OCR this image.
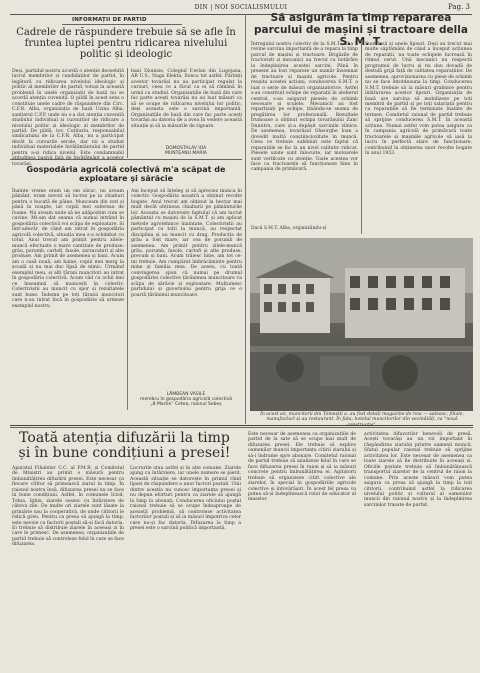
DIN | NOI SOCIALISMULUI	Pag. 3
INFORMAȚII DE PARTID
Cadrele de răspundere trebuie să se afle în fruntea luptei pentru ridicarea nivelului politic și ideologic
Deși, partidul nostru acordă o atenție deosebită lucrul membrilor și candidaților de partid, în legătură cu ridicarea nivelului ideologic și politic al membrilor de partid, totuși la această problemă în unele organizații de bază nu se acordă atenția cuvenită. O pildă în acest sens o constituie unele cadre de răspundere din Circ. C.F.R. Alba, organizația de bază Uzina Alba, șantierul C.P.P. unde nu s-a dat atenția cuvenită studiului individual și cursurilor de ridicare a nivelului politic și ideologic al membrilor de partid. De pildă, tov. Cuțitariu, responsabilul sindicatului de la C.F.R. Alba, nu a participat decât la cursurile serale, dar nu a studiat individual materialele învățământului de partid pentru a-și ridica nivelul. Este condamnabil atitudinea pasivă față de învățământ a acestor tovarăși.
bani Dionisie, Colegiul F.erian din Lugojana, AR U.S., Naga Elekta, Ilonca tot astfel. Părinții acestor tovarăși nu au participat regulat la cursuri, ceea ce a făcut ca ei să rămână în urmă cu studiul. Organizațiile de bază din care fac parte acești tovarăși nu au luat măsuri ca să se ocupe de ridicarea nivelului lor politic, deși aceasta este o sarcină importantă. Organizațiile de bază din care fac parte acești tovarăși au datoria de a avea în vedere această situație și să ia măsurile de rigoare.
DOMOSTALAV IOA
MUNTEANU MARIA
Gospodăria agricolă colectivă m'a scăpat de exploatare și sărăcie
Înainte vreme eram un om sărac, nu aveam pământ, eram nevoit să lucrez pe la chiaburi pentru o bucată de pâine. Munceam din zori și până în noapte, iar copiii mei sufereau de foame. Nu aveam unde să ne adăpostim cum se cuvine. Mi-am dat seama că numai intrând în gospodăria colectivă voi scăpa de exploatare. Și într-adevăr, de când am intrat în gospodăria agricolă colectivă, situația mea s-a schimbat cu totul. Anul trecut am primit pentru zilele-muncă efectuate o mare cantitate de produse: grâu, porumb, cartofi, fasole, zarzavaturi și alte produse. Am primit de asemenea și bani. Acum am o casă nouă, am haine, copiii mei merg la școală și nu mai duc lipsă de nimic. Urmând exemplul meu, și alți țărani muncitori au intrat în gospodăria colectivă. Acum văd cu ochii mei ce înseamnă să muncești în colectiv. Colectiviștii au muncit cu spor și rezultatele sunt bune. Îndemn pe toți țăranii muncitori care n-au intrat încă în gospodărie să urmeze exemplul nostru.
Am început să înțeleg și să apreciez munca în colectiv. Gospodăria noastră a obținut recolte bogate. Anul trecut am obținut la hectar mai mult decât obțineau chiaburii pe pământurile lor. Aceasta se datorește faptului că am lucrat pământul cu mașini de la S.M.T. și am aplicat metode agrotehnice înaintate. Colectiviștii au participat cu toții la muncă, au respectat disciplina și au muncit cu drag. Producția de grâu a fost mare, iar cea de porumb de asemenea. Am primit pentru zilele-muncă grâu, porumb, fasole, cartofi și alte produse, precum și bani. Acum trăiesc bine, am tot ce-mi trebuie. Am cumpărat îmbrăcăminte pentru mine și familia mea. De aceea, cu toată convingerea spun că numai pe drumul gospodăriei colective țărănimea muncitoare va scăpa de sărăcie și exploatare. Mulțumesc partidului și guvernului pentru grija ce o poartă țărănimii muncitoare.
LĂMBEAN VASILE
membru în gospodăria agricolă colectivă
„8 Martie” Cetea, raionul Sebeș
Să asigurăm la timp repararea parcului de mașini și tractoare della S. M. T.
Întregului nostru colectiv de la S.M.T. Alba îi revine sarcina importantă de a repara la timp parcul de mașini și tractoare. Brigăzile de tractoriști și mecanici au trecut cu hotărâre la îndeplinirea acestei sarcini. Până în prezent au fost reparate un număr însemnat de tractoare și mașini agricole. Pentru reușita acestei acțiuni, conducerea S.M.T. a luat o serie de măsuri organizatorice. Astfel s-au constituit echipe de reparații în atelierul central, s-au asigurat piesele de schimb necesare și sculele. Mecanicii au fost repartizați pe echipe, ținându-se seama de pregătirea lor profesională. Rezultate frumoase a obținut echipa tovarășului Zanc Dumitru, care și-a depășit sarcinile zilnice. De asemenea, tovarășul Gheorghe Ioan a dovedit multă conștiinciozitate în muncă. Ceea ce trebuie subliniat este faptul că reparațiile se fac la un nivel calitativ ridicat. Piesele uzate sunt înlocuite, iar motoarele sunt verificate cu atenție. Toate acestea vor face ca tractoarele să funcționeze bine în campania de primăvară.
Sunt însă și unele lipsuri. Deși au trecut mai multe săptămâni de când a început acțiunea de reparații, nu toate echipele lucrează în ritmul cerut. Unii mecanici nu respectă programul de lucru și nu dau dovadă de destulă grijă față de calitatea reparațiilor. De asemenea, aprovizionarea cu piese de schimb nu se face întotdeauna la timp. Conducerea S.M.T. trebuie să ia măsuri grabnice pentru înlăturarea acestor lipsuri. Organizația de bază are sarcina să mobilizeze pe toți membrii de partid și pe toți salariații pentru ca reparațiile să fie terminate înainte de termen. Comitetul raional de partid trebuie să sprijine conducerea S.M.T. în această acțiune. Numai astfel vom putea asigura ca în campania agricolă de primăvară toate tractoarele și mașinile agricole să iasă la lucru în perfectă stare de funcționare, contribuind la obținerea unor recolte bogate în anul 1953.
Dacă S.M.T. Alba, organizându-și
În acest an, muncitorii din Tomeștii a. au fost dotați magazine de nou — sateasc, filiale, manufacturi și au restaurant. În fata: hotelul muncitorilor din vecinătăți, ca "nouă construcție".
Toată atenția difuzării la timp și în bune condițiuni a presei!
Aparatul Filialelor C.C. al P.M.R. și Comitetul de Miniștri au primit o măsură pentru îmbunătățirea difuzării presei. Este necesar ca fiecare cititor să primească ziarul la timp. În raionul nostru însă, difuzarea presei nu se face în bune condițiuni. Astfel, în comunele Iclod, Țelna, Ighiu, ziarele sosesc cu întârziere de câteva zile. De multe ori ziarele sunt lăsate la primărie sau la cooperativă, de unde cititorii le ridică greu. Pentru ca presa să ajungă la timp, este nevoie ca factorii poștali să-și facă datoria. Ei trebuie să distribuie ziarele în aceeași zi în care le primesc. De asemenea, organizațiile de partid trebuie să controleze felul în care se face difuzarea.
Lucrurile stau astfel și în alte comune. Ziarele ajung cu întârziere, iar unele numere se pierd. Această situație se datorește în primul rând lipsei de răspundere a unor factori poștali. Unii dintre aceștia nu cunosc importanța presei și nu depun eforturi pentru ca ziarele să ajungă la timp la abonați. Conducerea oficiului poștal raional trebuie să se ocupe îndeaproape de această problemă, să controleze activitatea factorilor poștali și să ia măsuri împotriva celor care nu-și fac datoria. Difuzarea la timp a presei este o sarcină politică importantă.
Este necesar de asemenea ca organizațiile de partid de la sate să se ocupe mai mult de difuzarea presei. Ele trebuie să explice oamenilor muncii importanța citirii ziarului și să-i îndrume spre abonare. Comitetul raional de partid trebuie să analizeze felul în care se face difuzarea presei în raion și să ia măsuri concrete pentru îmbunătățirea ei. Agitatorii trebuie să organizeze citiri colective ale ziarelor, în special în gospodăriile agricole colective și întovărășiri. În acest fel presa va putea să-și îndeplinească rolul de educator al maselor.
activitatea difuzorilor benevoli de presă. Acești tovarăși au un rol important în răspândirea ziarului printre oamenii muncii. Sfatul popular raional trebuie să sprijine activitatea lor. Este necesar de asemenea ca toate ziarele să fie distribuite în aceeași zi. Oficiile poștale trebuie să îmbunătățească transportul ziarelor de la centrul de raion la comune. Prin aceste măsuri vom putea asigura ca presa să ajungă la timp la toți cititorii, contribuind astfel la ridicarea nivelului politic și cultural al oamenilor muncii din raionul nostru și la îndeplinirea sarcinilor trasate de partid.
